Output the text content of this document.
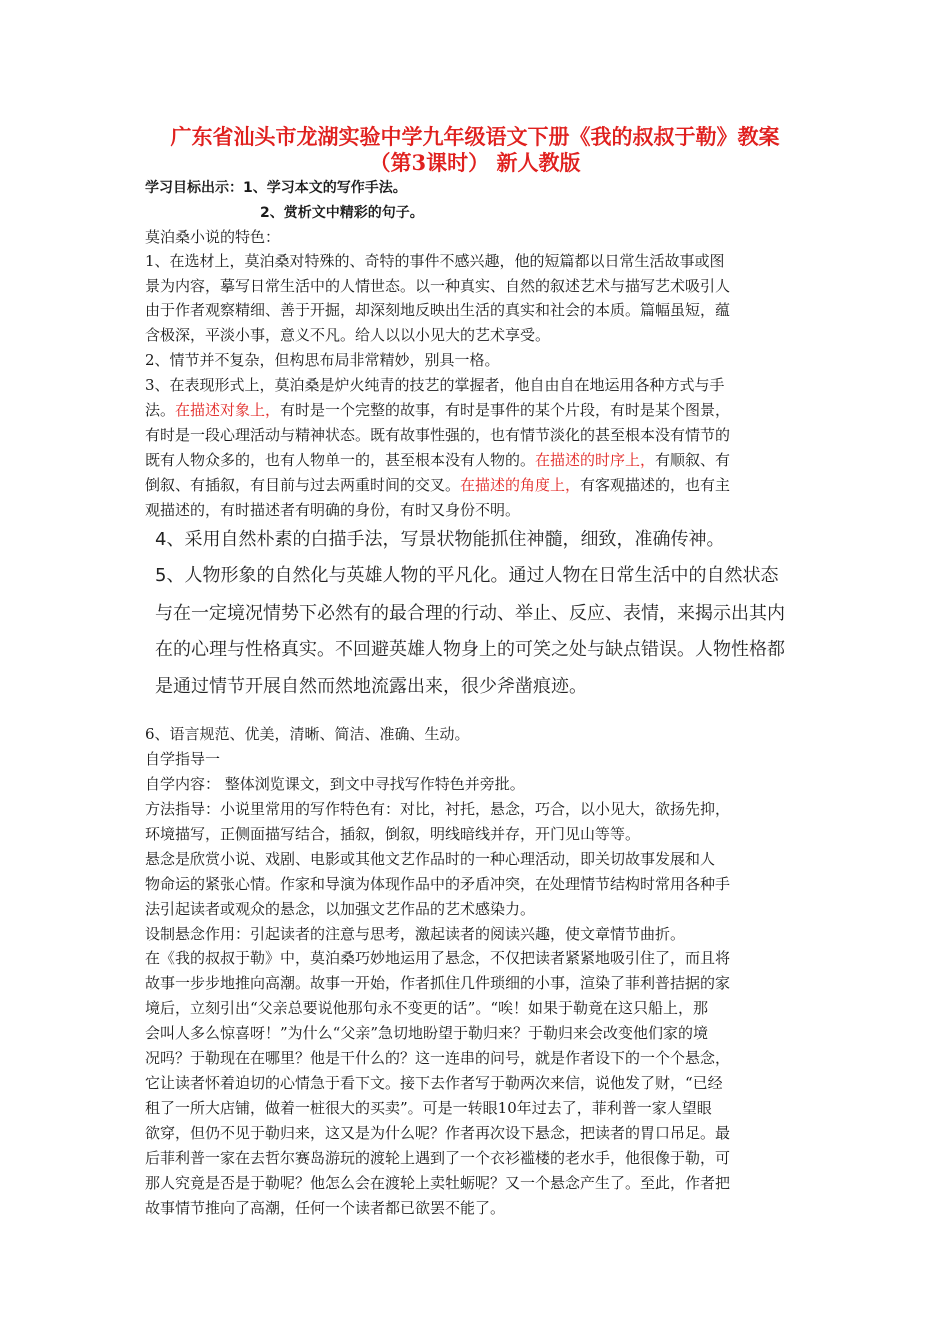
广东省汕头市龙湖实验中学九年级语文下册《我的叔叔于勒》教案
（第3课时） 新人教版
学习目标出示：1、学习本文的写作手法。
2、赏析文中精彩的句子。
莫泊桑小说的特色：
1、在选材上，莫泊桑对特殊的、奇特的事件不感兴趣，他的短篇都以日常生活故事或图
景为内容，摹写日常生活中的人情世态。以一种真实、自然的叙述艺术与描写艺术吸引人
由于作者观察精细、善于开掘，却深刻地反映出生活的真实和社会的本质。篇幅虽短，蕴
含极深，平淡小事，意义不凡。给人以以小见大的艺术享受。
2、情节并不复杂，但构思布局非常精妙，别具一格。
3、在表现形式上，莫泊桑是炉火纯青的技艺的掌握者，他自由自在地运用各种方式与手
法。在描述对象上，有时是一个完整的故事，有时是事件的某个片段，有时是某个图景，
有时是一段心理活动与精神状态。既有故事性强的，也有情节淡化的甚至根本没有情节的
既有人物众多的，也有人物单一的，甚至根本没有人物的。在描述的时序上，有顺叙、有
倒叙、有插叙，有目前与过去两重时间的交叉。在描述的角度上，有客观描述的，也有主
观描述的，有时描述者有明确的身份，有时又身份不明。
4、采用自然朴素的白描手法，写景状物能抓住神髓，细致，准确传神。
5、人物形象的自然化与英雄人物的平凡化。通过人物在日常生活中的自然状态
与在一定境况情势下必然有的最合理的行动、举止、反应、表情，来揭示出其内
在的心理与性格真实。不回避英雄人物身上的可笑之处与缺点错误。人物性格都
是通过情节开展自然而然地流露出来，很少斧凿痕迹。
6、语言规范、优美，清晰、简洁、准确、生动。
自学指导一
自学内容： 整体浏览课文，到文中寻找写作特色并旁批。
方法指导：小说里常用的写作特色有：对比，衬托，悬念，巧合，以小见大，欲扬先抑，
环境描写，正侧面描写结合，插叙，倒叙，明线暗线并存，开门见山等等。
悬念是欣赏小说、戏剧、电影或其他文艺作品时的一种心理活动，即关切故事发展和人
物命运的紧张心情。作家和导演为体现作品中的矛盾冲突，在处理情节结构时常用各种手
法引起读者或观众的悬念，以加强文艺作品的艺术感染力。
设制悬念作用：引起读者的注意与思考，激起读者的阅读兴趣，使文章情节曲折。
在《我的叔叔于勒》中，莫泊桑巧妙地运用了悬念，不仅把读者紧紧地吸引住了，而且将
故事一步步地推向高潮。故事一开始，作者抓住几件琐细的小事，渲染了菲利普拮据的家
境后，立刻引出“父亲总要说他那句永不变更的话”。“唉！如果于勒竟在这只船上，那
会叫人多么惊喜呀！”为什么“父亲”急切地盼望于勒归来？于勒归来会改变他们家的境
况吗？于勒现在在哪里？他是干什么的？这一连串的问号，就是作者设下的一个个悬念，
它让读者怀着迫切的心情急于看下文。接下去作者写于勒两次来信，说他发了财，“已经
租了一所大店铺，做着一桩很大的买卖”。可是一转眼10年过去了，菲利普一家人望眼
欲穿，但仍不见于勒归来，这又是为什么呢？作者再次设下悬念，把读者的胃口吊足。最
后菲利普一家在去哲尔赛岛游玩的渡轮上遇到了一个衣衫褴楼的老水手，他很像于勒，可
那人究竟是否是于勒呢？他怎么会在渡轮上卖牡蛎呢？又一个悬念产生了。至此，作者把
故事情节推向了高潮，任何一个读者都已欲罢不能了。
